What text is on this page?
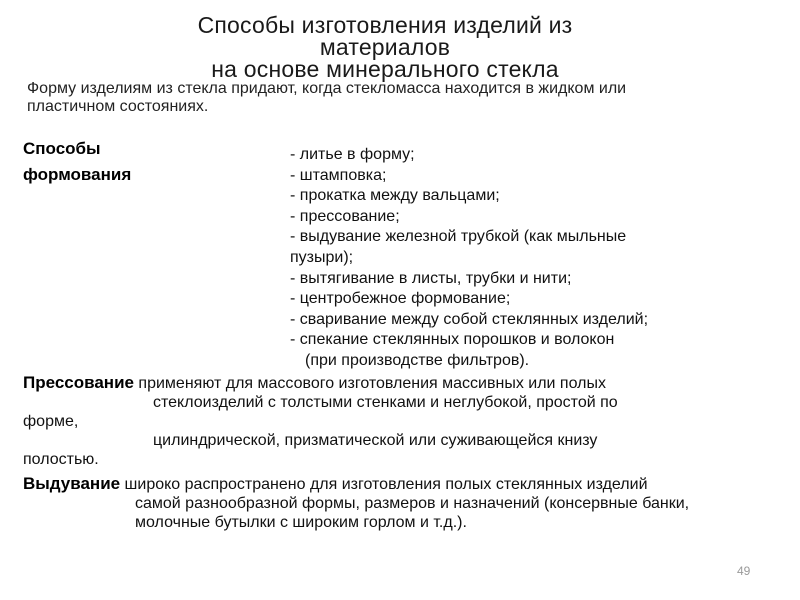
Способы изготовления изделий из
материалов
на основе минерального стекла
Форму изделиям из стекла придают, когда стекломасса находится в жидком или
пластичном состояниях.
Способы
формования
- литье в форму;
- штамповка;
- прокатка между вальцами;
- прессование;
- выдувание железной трубкой (как мыльные
пузыри);
- вытягивание в листы, трубки и нити;
- центробежное формование;
- сваривание между собой стеклянных изделий;
- спекание стеклянных порошков и волокон
(при производстве фильтров).
Прессование применяют для массового изготовления массивных или полых
стеклоизделий с толстыми стенками и неглубокой, простой по
форме,
цилиндрической, призматической или суживающейся книзу
полостью.
Выдувание широко распространено для изготовления полых стеклянных изделий
самой разнообразной формы, размеров и назначений (консервные банки,
молочные бутылки с широким горлом и т.д.).
49
